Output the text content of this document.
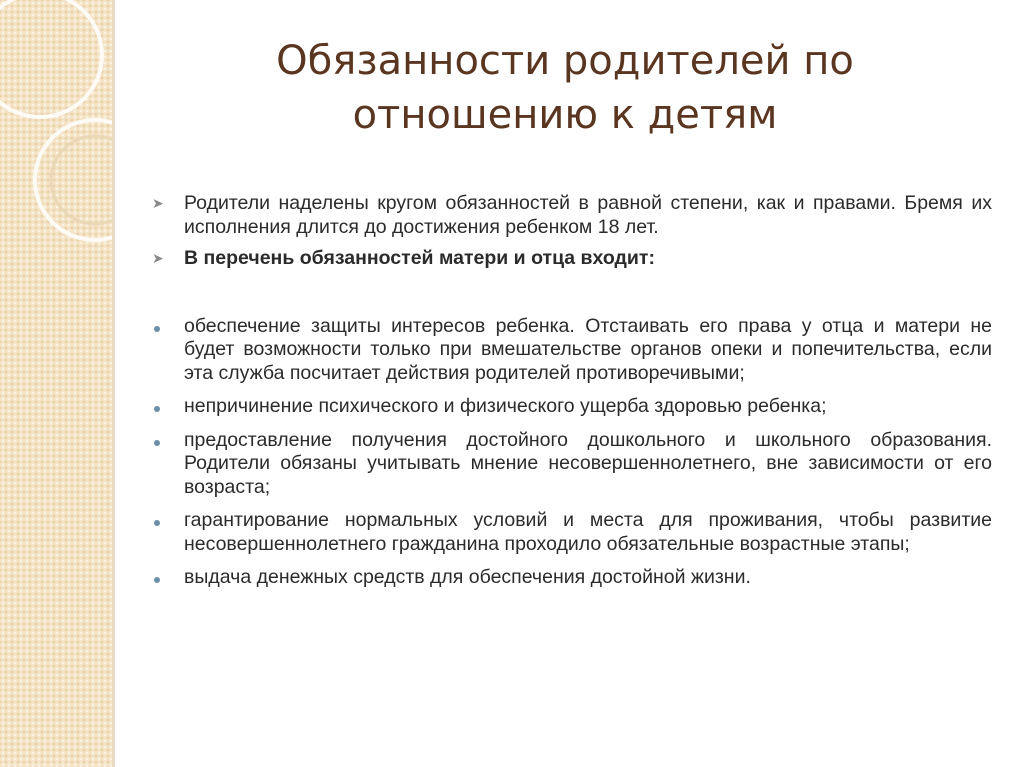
Обязанности родителей по отношению к детям

➤	Родители наделены кругом обязанностей в равной степени, как и правами. Бремя их исполнения длится до достижения ребенком 18 лет.

➤	В перечень обязанностей матери и отца входит:

обеспечение защиты интересов ребенка. Отстаивать его права у отца и матери не будет возможности только при вмешательстве органов опеки и попечительства, если эта служба посчитает действия родителей противоречивыми;

непричинение психического и физического ущерба здоровью ребенка;

предоставление получения достойного дошкольного и школьного образования. Родители обязаны учитывать мнение несовершеннолетнего, вне зависимости от его возраста;

гарантирование нормальных условий и места для проживания, чтобы развитие несовершеннолетнего гражданина проходило обязательные возрастные этапы;

выдача денежных средств для обеспечения достойной жизни.
